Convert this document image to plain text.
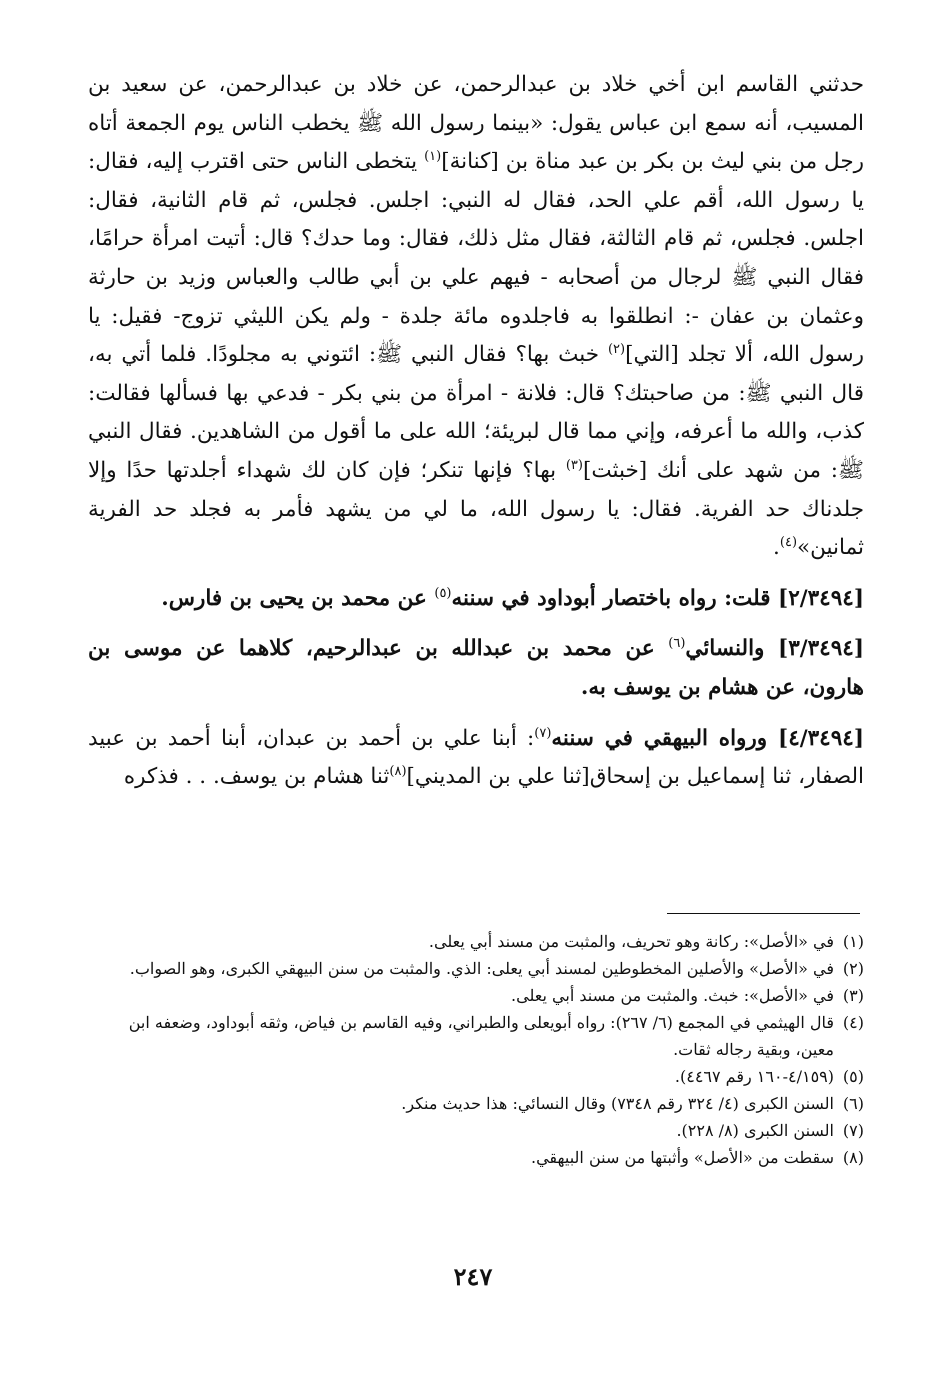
حدثني القاسم ابن أخي خلاد بن عبدالرحمن، عن خلاد بن عبدالرحمن، عن سعيد بن المسيب، أنه سمع ابن عباس يقول: «بينما رسول الله ﷺ يخطب الناس يوم الجمعة أتاه رجل من بني ليث بن بكر بن عبد مناة بن [كنانة]$^{(١)}$ يتخطى الناس حتى اقترب إليه، فقال: يا رسول الله، أقم علي الحد، فقال له النبي: اجلس. فجلس، ثم قام الثانية، فقال: اجلس. فجلس، ثم قام الثالثة، فقال مثل ذلك، فقال: وما حدك؟ قال: أتيت امرأة حرامًا، فقال النبي ﷺ لرجال من أصحابه - فيهم علي بن أبي طالب والعباس وزيد بن حارثة وعثمان بن عفان -: انطلقوا به فاجلدوه مائة جلدة - ولم يكن الليثي تزوج- فقيل: يا رسول الله، ألا تجلد [التي]$^{(٢)}$ خبث بها؟ فقال النبي ﷺ: ائتوني به مجلودًا. فلما أتي به، قال النبي ﷺ: من صاحبتك؟ قال: فلانة - امرأة من بني بكر - فدعي بها فسألها فقالت: كذب، والله ما أعرفه، وإني مما قال لبريئة؛ الله على ما أقول من الشاهدين. فقال النبي ﷺ: من شهد على أنك [خبثت]$^{(٣)}$ بها؟ فإنها تنكر؛ فإن كان لك شهداء أجلدتها حدًا وإلا جلدناك حد الفرية. فقال: يا رسول الله، ما لي من يشهد فأمر به فجلد حد الفرية ثمانين»$^{(٤)}$.

[٢/٣٤٩٤] قلت: رواه باختصار أبوداود في سننه$^{(٥)}$ عن محمد بن يحيى بن فارس.

[٣/٣٤٩٤] والنسائي$^{(٦)}$ عن محمد بن عبدالله بن عبدالرحيم، كلاهما عن موسى بن هارون، عن هشام بن يوسف به.

[٤/٣٤٩٤] ورواه البيهقي في سننه$^{(٧)}$: أبنا علي بن أحمد بن عبدان، أبنا أحمد بن عبيد الصفار، ثنا إسماعيل بن إسحاق[ثنا علي بن المديني]$^{(٨)}$ثنا هشام بن يوسف. . . فذكره

(١)في «الأصل»: ركانة وهو تحريف، والمثبت من مسند أبي يعلى.

(٢)في «الأصل» والأصلين المخطوطين لمسند أبي يعلى: الذي. والمثبت من سنن البيهقي الكبرى، وهو الصواب.

(٣)في «الأصل»: خبث. والمثبت من مسند أبي يعلى.

(٤)قال الهيثمي في المجمع (٦/ ٢٦٧): رواه أبويعلى والطبراني، وفيه القاسم بن فياض، وثقه أبوداود، وضعفه ابن معين، وبقية رجاله ثقات.

(٥)(٤/١٥٩-١٦٠ رقم ٤٤٦٧).

(٦)السنن الكبرى (٤/ ٣٢٤ رقم ٧٣٤٨) وقال النسائي: هذا حديث منكر.

(٧)السنن الكبرى (٨/ ٢٢٨).

(٨)سقطت من «الأصل» وأثبتها من سنن البيهقي.

٢٤٧
